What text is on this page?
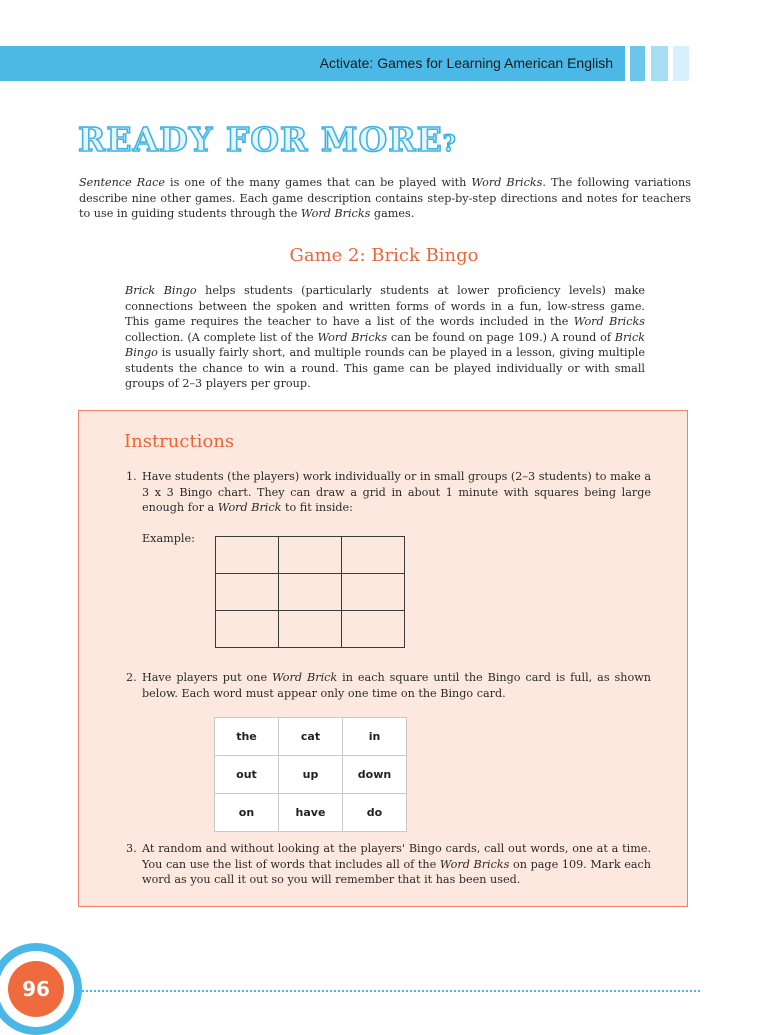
Activate: Games for Learning American English
READY FOR MORE?
Sentence Race is one of the many games that can be played with Word Bricks. The following variations describe nine other games. Each game description contains step-by-step directions and notes for teachers to use in guiding students through the Word Bricks games.
Game 2: Brick Bingo
Brick Bingo helps students (particularly students at lower proficiency levels) make connections between the spoken and written forms of words in a fun, low-stress game. This game requires the teacher to have a list of the words included in the Word Bricks collection. (A complete list of the Word Bricks can be found on page 109.) A round of Brick Bingo is usually fairly short, and multiple rounds can be played in a lesson, giving multiple students the chance to win a round. This game can be played individually or with small groups of 2–3 players per group.
Instructions
1. Have students (the players) work individually or in small groups (2–3 students) to make a 3 x 3 Bingo chart. They can draw a grid in about 1 minute with squares being large enough for a Word Brick to fit inside:
Example:

2. Have players put one Word Brick in each square until the Bingo card is full, as shown below. Each word must appear only one time on the Bingo card.
the	cat	in
out	up	down
on	have	do
3. At random and without looking at the players' Bingo cards, call out words, one at a time. You can use the list of words that includes all of the Word Bricks on page 109. Mark each word as you call it out so you will remember that it has been used.
96
